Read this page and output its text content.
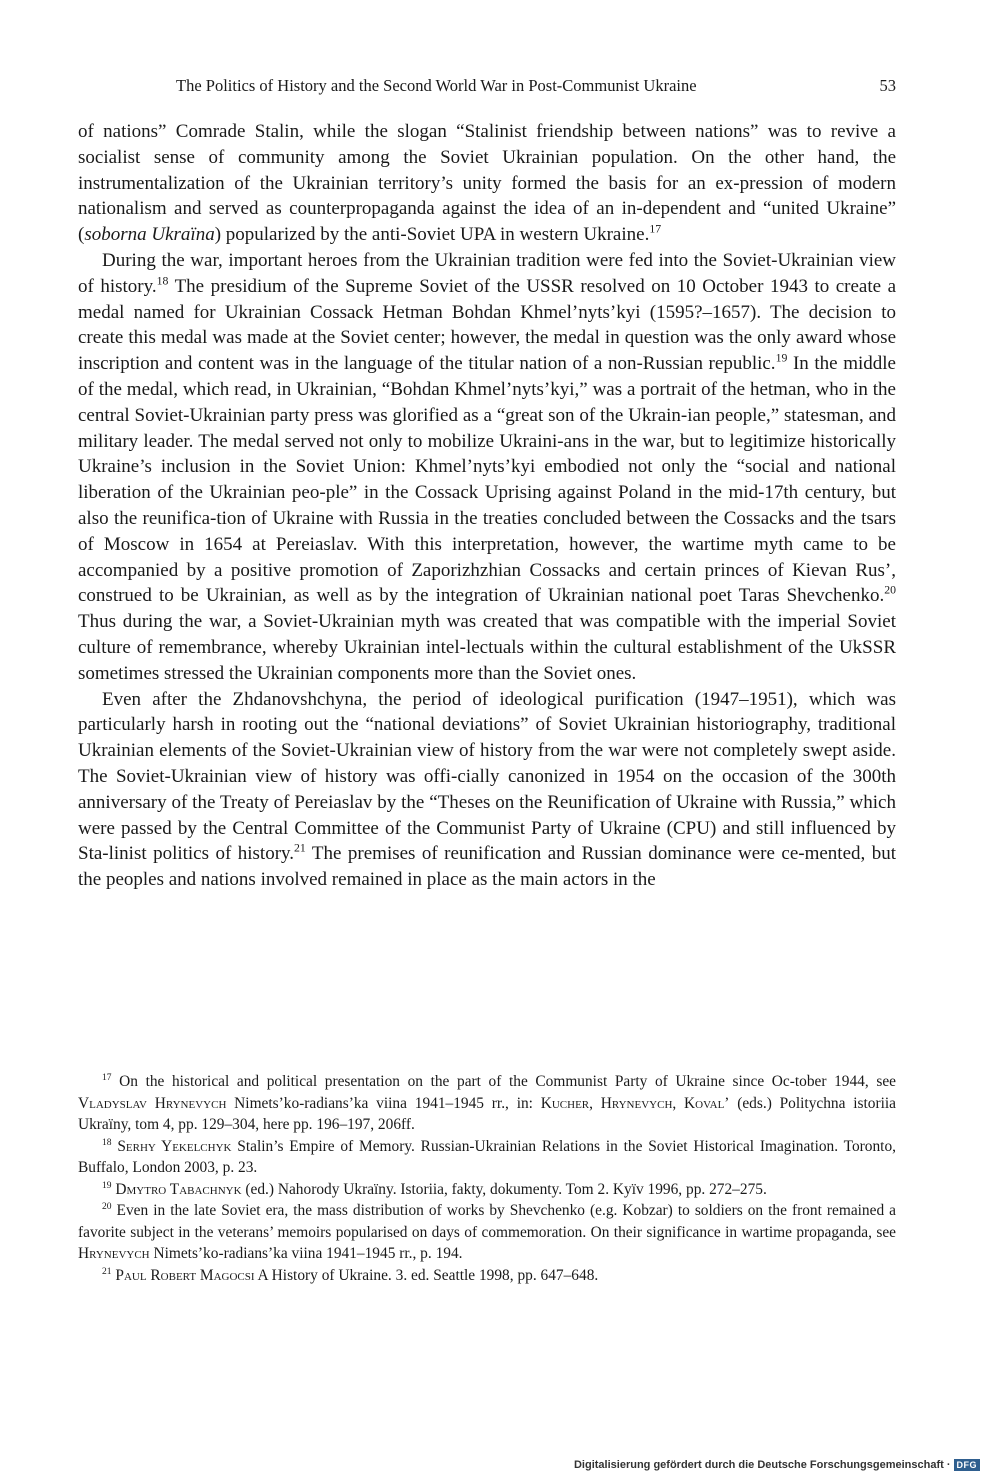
The Politics of History and the Second World War in Post-Communist Ukraine	53

of nations” Comrade Stalin, while the slogan “Stalinist friendship between nations” was to revive a socialist sense of community among the Soviet Ukrainian population. On the other hand, the instrumentalization of the Ukrainian territory’s unity formed the basis for an ex-pression of modern nationalism and served as counterpropaganda against the idea of an in-dependent and “united Ukraine” (soborna Ukraїna) popularized by the anti-Soviet UPA in western Ukraine.$^{17}$

During the war, important heroes from the Ukrainian tradition were fed into the Soviet-Ukrainian view of history.$^{18}$ The presidium of the Supreme Soviet of the USSR resolved on 10 October 1943 to create a medal named for Ukrainian Cossack Hetman Bohdan Khmel’nyts’kyi (1595?–1657). The decision to create this medal was made at the Soviet center; however, the medal in question was the only award whose inscription and content was in the language of the titular nation of a non-Russian republic.$^{19}$ In the middle of the medal, which read, in Ukrainian, “Bohdan Khmel’nyts’kyi,” was a portrait of the hetman, who in the central Soviet-Ukrainian party press was glorified as a “great son of the Ukrain-ian people,” statesman, and military leader. The medal served not only to mobilize Ukraini-ans in the war, but to legitimize historically Ukraine’s inclusion in the Soviet Union: Khmel’nyts’kyi embodied not only the “social and national liberation of the Ukrainian peo-ple” in the Cossack Uprising against Poland in the mid-17th century, but also the reunifica-tion of Ukraine with Russia in the treaties concluded between the Cossacks and the tsars of Moscow in 1654 at Pereiaslav. With this interpretation, however, the wartime myth came to be accompanied by a positive promotion of Zaporizhzhian Cossacks and certain princes of Kievan Rus’, construed to be Ukrainian, as well as by the integration of Ukrainian national poet Taras Shevchenko.$^{20}$ Thus during the war, a Soviet-Ukrainian myth was created that was compatible with the imperial Soviet culture of remembrance, whereby Ukrainian intel-lectuals within the cultural establishment of the UkSSR sometimes stressed the Ukrainian components more than the Soviet ones.

Even after the Zhdanovshchyna, the period of ideological purification (1947–1951), which was particularly harsh in rooting out the “national deviations” of Soviet Ukrainian historiography, traditional Ukrainian elements of the Soviet-Ukrainian view of history from the war were not completely swept aside. The Soviet-Ukrainian view of history was offi-cially canonized in 1954 on the occasion of the 300th anniversary of the Treaty of Pereiaslav by the “Theses on the Reunification of Ukraine with Russia,” which were passed by the Central Committee of the Communist Party of Ukraine (CPU) and still influenced by Sta-linist politics of history.$^{21}$ The premises of reunification and Russian dominance were ce-mented, but the peoples and nations involved remained in place as the main actors in the

$^{17}$ On the historical and political presentation on the part of the Communist Party of Ukraine since Oc-tober 1944, see Vladyslav Hrynevych Nimets’ko-radians’ka viina 1941–1945 rr., in: Kucher, Hrynevych, Koval’ (eds.) Politychna istoriia Ukraïny, tom 4, pp. 129–304, here pp. 196–197, 206ff.

$^{18}$ Serhy Yekelchyk Stalin’s Empire of Memory. Russian-Ukrainian Relations in the Soviet Historical Imagination. Toronto, Buffalo, London 2003, p. 23.

$^{19}$ Dmytro Tabachnyk (ed.) Nahorody Ukraïny. Istoriia, fakty, dokumenty. Tom 2. Kyïv 1996, pp. 272–275.

$^{20}$ Even in the late Soviet era, the mass distribution of works by Shevchenko (e.g. Kobzar) to soldiers on the front remained a favorite subject in the veterans’ memoirs popularised on days of commemoration. On their significance in wartime propaganda, see Hrynevych Nimets’ko-radians’ka viina 1941–1945 rr., p. 194.

$^{21}$ Paul Robert Magocsi A History of Ukraine. 3. ed. Seattle 1998, pp. 647–648.

Digitalisierung gefördert durch die Deutsche Forschungsgemeinschaft · DFG
